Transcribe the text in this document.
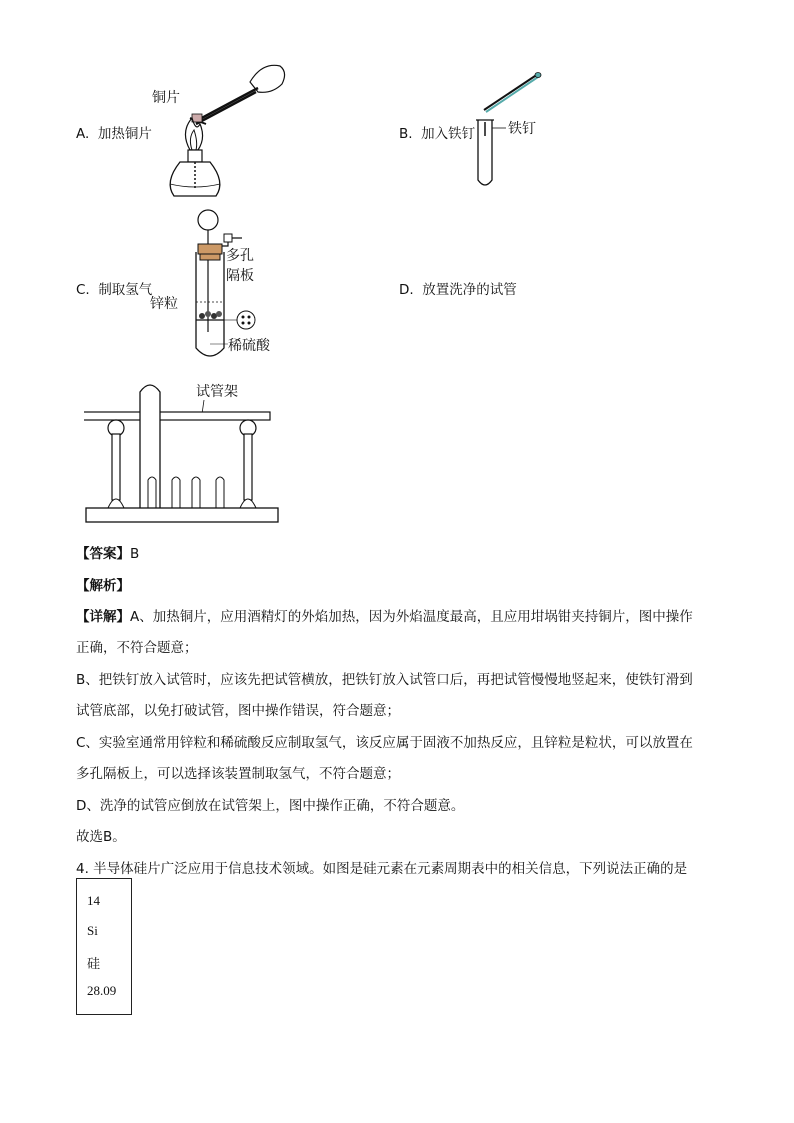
A. 加热铜片
铜片
B. 加入铁钉 铁钉
C. 制取氢气
多孔
隔板
锌粒
稀硫酸
D. 放置洗净的试管
试管架
【答案】B
【解析】
【详解】A、加热铜片，应用酒精灯的外焰加热，因为外焰温度最高，且应用坩埚钳夹持铜片，图中操作
正确，不符合题意；
B、把铁钉放入试管时，应该先把试管横放，把铁钉放入试管口后，再把试管慢慢地竖起来，使铁钉滑到
试管底部，以免打破试管，图中操作错误，符合题意；
C、实验室通常用锌粒和稀硫酸反应制取氢气，该反应属于固液不加热反应，且锌粒是粒状，可以放置在
多孔隔板上，可以选择该装置制取氢气，不符合题意；
D、洗净的试管应倒放在试管架上，图中操作正确，不符合题意。
故选B。
4. 半导体硅片广泛应用于信息技术领域。如图是硅元素在元素周期表中的相关信息，下列说法正确的是
14
Si
硅
28.09
